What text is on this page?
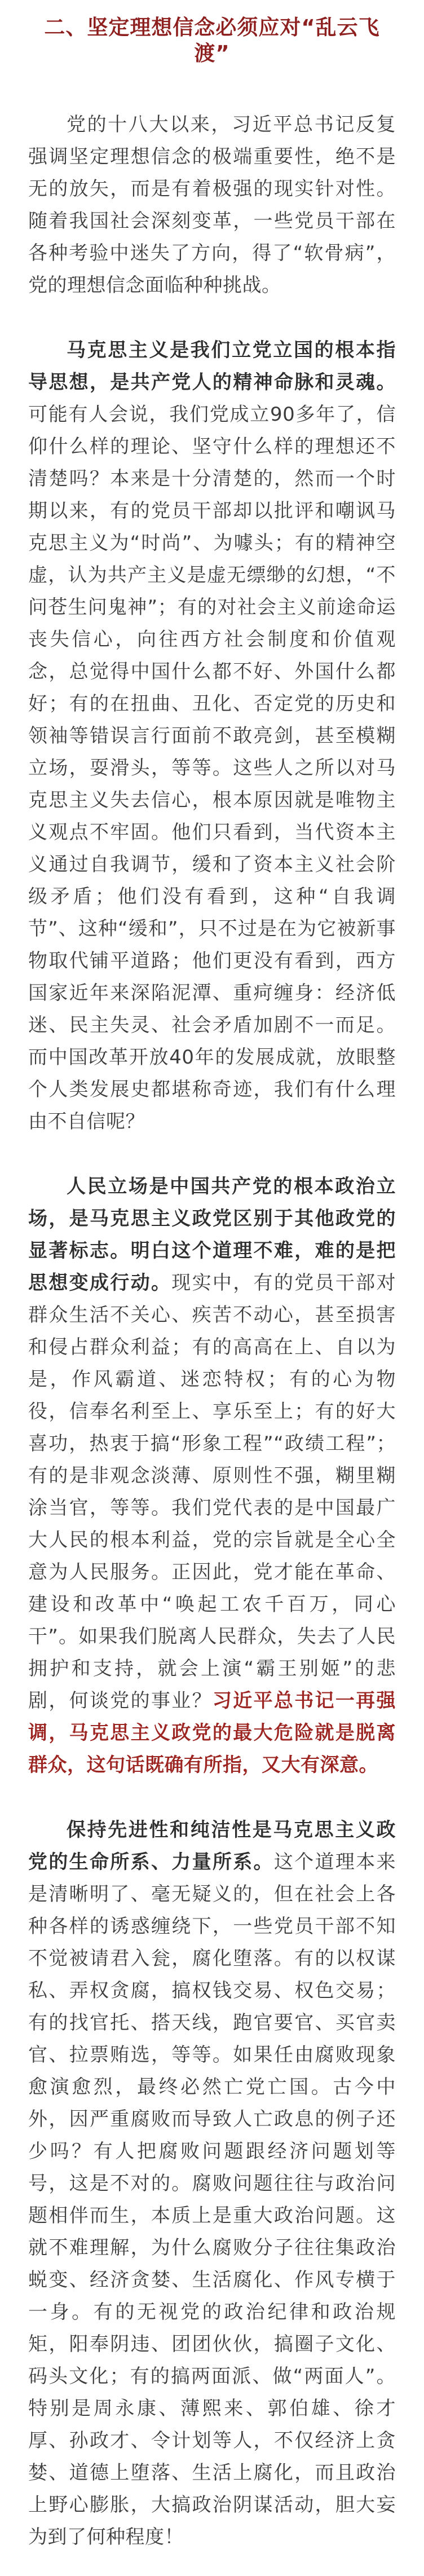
二、坚定理想信念必须应对“乱云飞渡”

党的十八大以来，习近平总书记反复强调坚定理想信念的极端重要性，绝不是无的放矢，而是有着极强的现实针对性。随着我国社会深刻变革，一些党员干部在各种考验中迷失了方向，得了“软骨病”，党的理想信念面临种种挑战。

马克思主义是我们立党立国的根本指导思想，是共产党人的精神命脉和灵魂。可能有人会说，我们党成立90多年了，信仰什么样的理论、坚守什么样的理想还不清楚吗？本来是十分清楚的，然而一个时期以来，有的党员干部却以批评和嘲讽马克思主义为“时尚”、为噱头；有的精神空虚，认为共产主义是虚无缥缈的幻想，“不问苍生问鬼神”；有的对社会主义前途命运丧失信心，向往西方社会制度和价值观念，总觉得中国什么都不好、外国什么都好；有的在扭曲、丑化、否定党的历史和领袖等错误言行面前不敢亮剑，甚至模糊立场，耍滑头，等等。这些人之所以对马克思主义失去信心，根本原因就是唯物主义观点不牢固。他们只看到，当代资本主义通过自我调节，缓和了资本主义社会阶级矛盾；他们没有看到，这种“自我调节”、这种“缓和”，只不过是在为它被新事物取代铺平道路；他们更没有看到，西方国家近年来深陷泥潭、重疴缠身：经济低迷、民主失灵、社会矛盾加剧不一而足。而中国改革开放40年的发展成就，放眼整个人类发展史都堪称奇迹，我们有什么理由不自信呢？

人民立场是中国共产党的根本政治立场，是马克思主义政党区别于其他政党的显著标志。明白这个道理不难，难的是把思想变成行动。现实中，有的党员干部对群众生活不关心、疾苦不动心，甚至损害和侵占群众利益；有的高高在上、自以为是，作风霸道、迷恋特权；有的心为物役，信奉名利至上、享乐至上；有的好大喜功，热衷于搞“形象工程”“政绩工程”；有的是非观念淡薄、原则性不强，糊里糊涂当官，等等。我们党代表的是中国最广大人民的根本利益，党的宗旨就是全心全意为人民服务。正因此，党才能在革命、建设和改革中“唤起工农千百万，同心干”。如果我们脱离人民群众，失去了人民拥护和支持，就会上演“霸王别姬”的悲剧，何谈党的事业？习近平总书记一再强调，马克思主义政党的最大危险就是脱离群众，这句话既确有所指，又大有深意。

保持先进性和纯洁性是马克思主义政党的生命所系、力量所系。这个道理本来是清晰明了、毫无疑义的，但在社会上各种各样的诱惑缠绕下，一些党员干部不知不觉被请君入瓮，腐化堕落。有的以权谋私、弄权贪腐，搞权钱交易、权色交易；有的找官托、搭天线，跑官要官、买官卖官、拉票贿选，等等。如果任由腐败现象愈演愈烈，最终必然亡党亡国。古今中外，因严重腐败而导致人亡政息的例子还少吗？有人把腐败问题跟经济问题划等号，这是不对的。腐败问题往往与政治问题相伴而生，本质上是重大政治问题。这就不难理解，为什么腐败分子往往集政治蜕变、经济贪婪、生活腐化、作风专横于一身。有的无视党的政治纪律和政治规矩，阳奉阴违、团团伙伙，搞圈子文化、码头文化；有的搞两面派、做“两面人”。特别是周永康、薄熙来、郭伯雄、徐才厚、孙政才、令计划等人，不仅经济上贪婪、道德上堕落、生活上腐化，而且政治上野心膨胀，大搞政治阴谋活动，胆大妄为到了何种程度！
